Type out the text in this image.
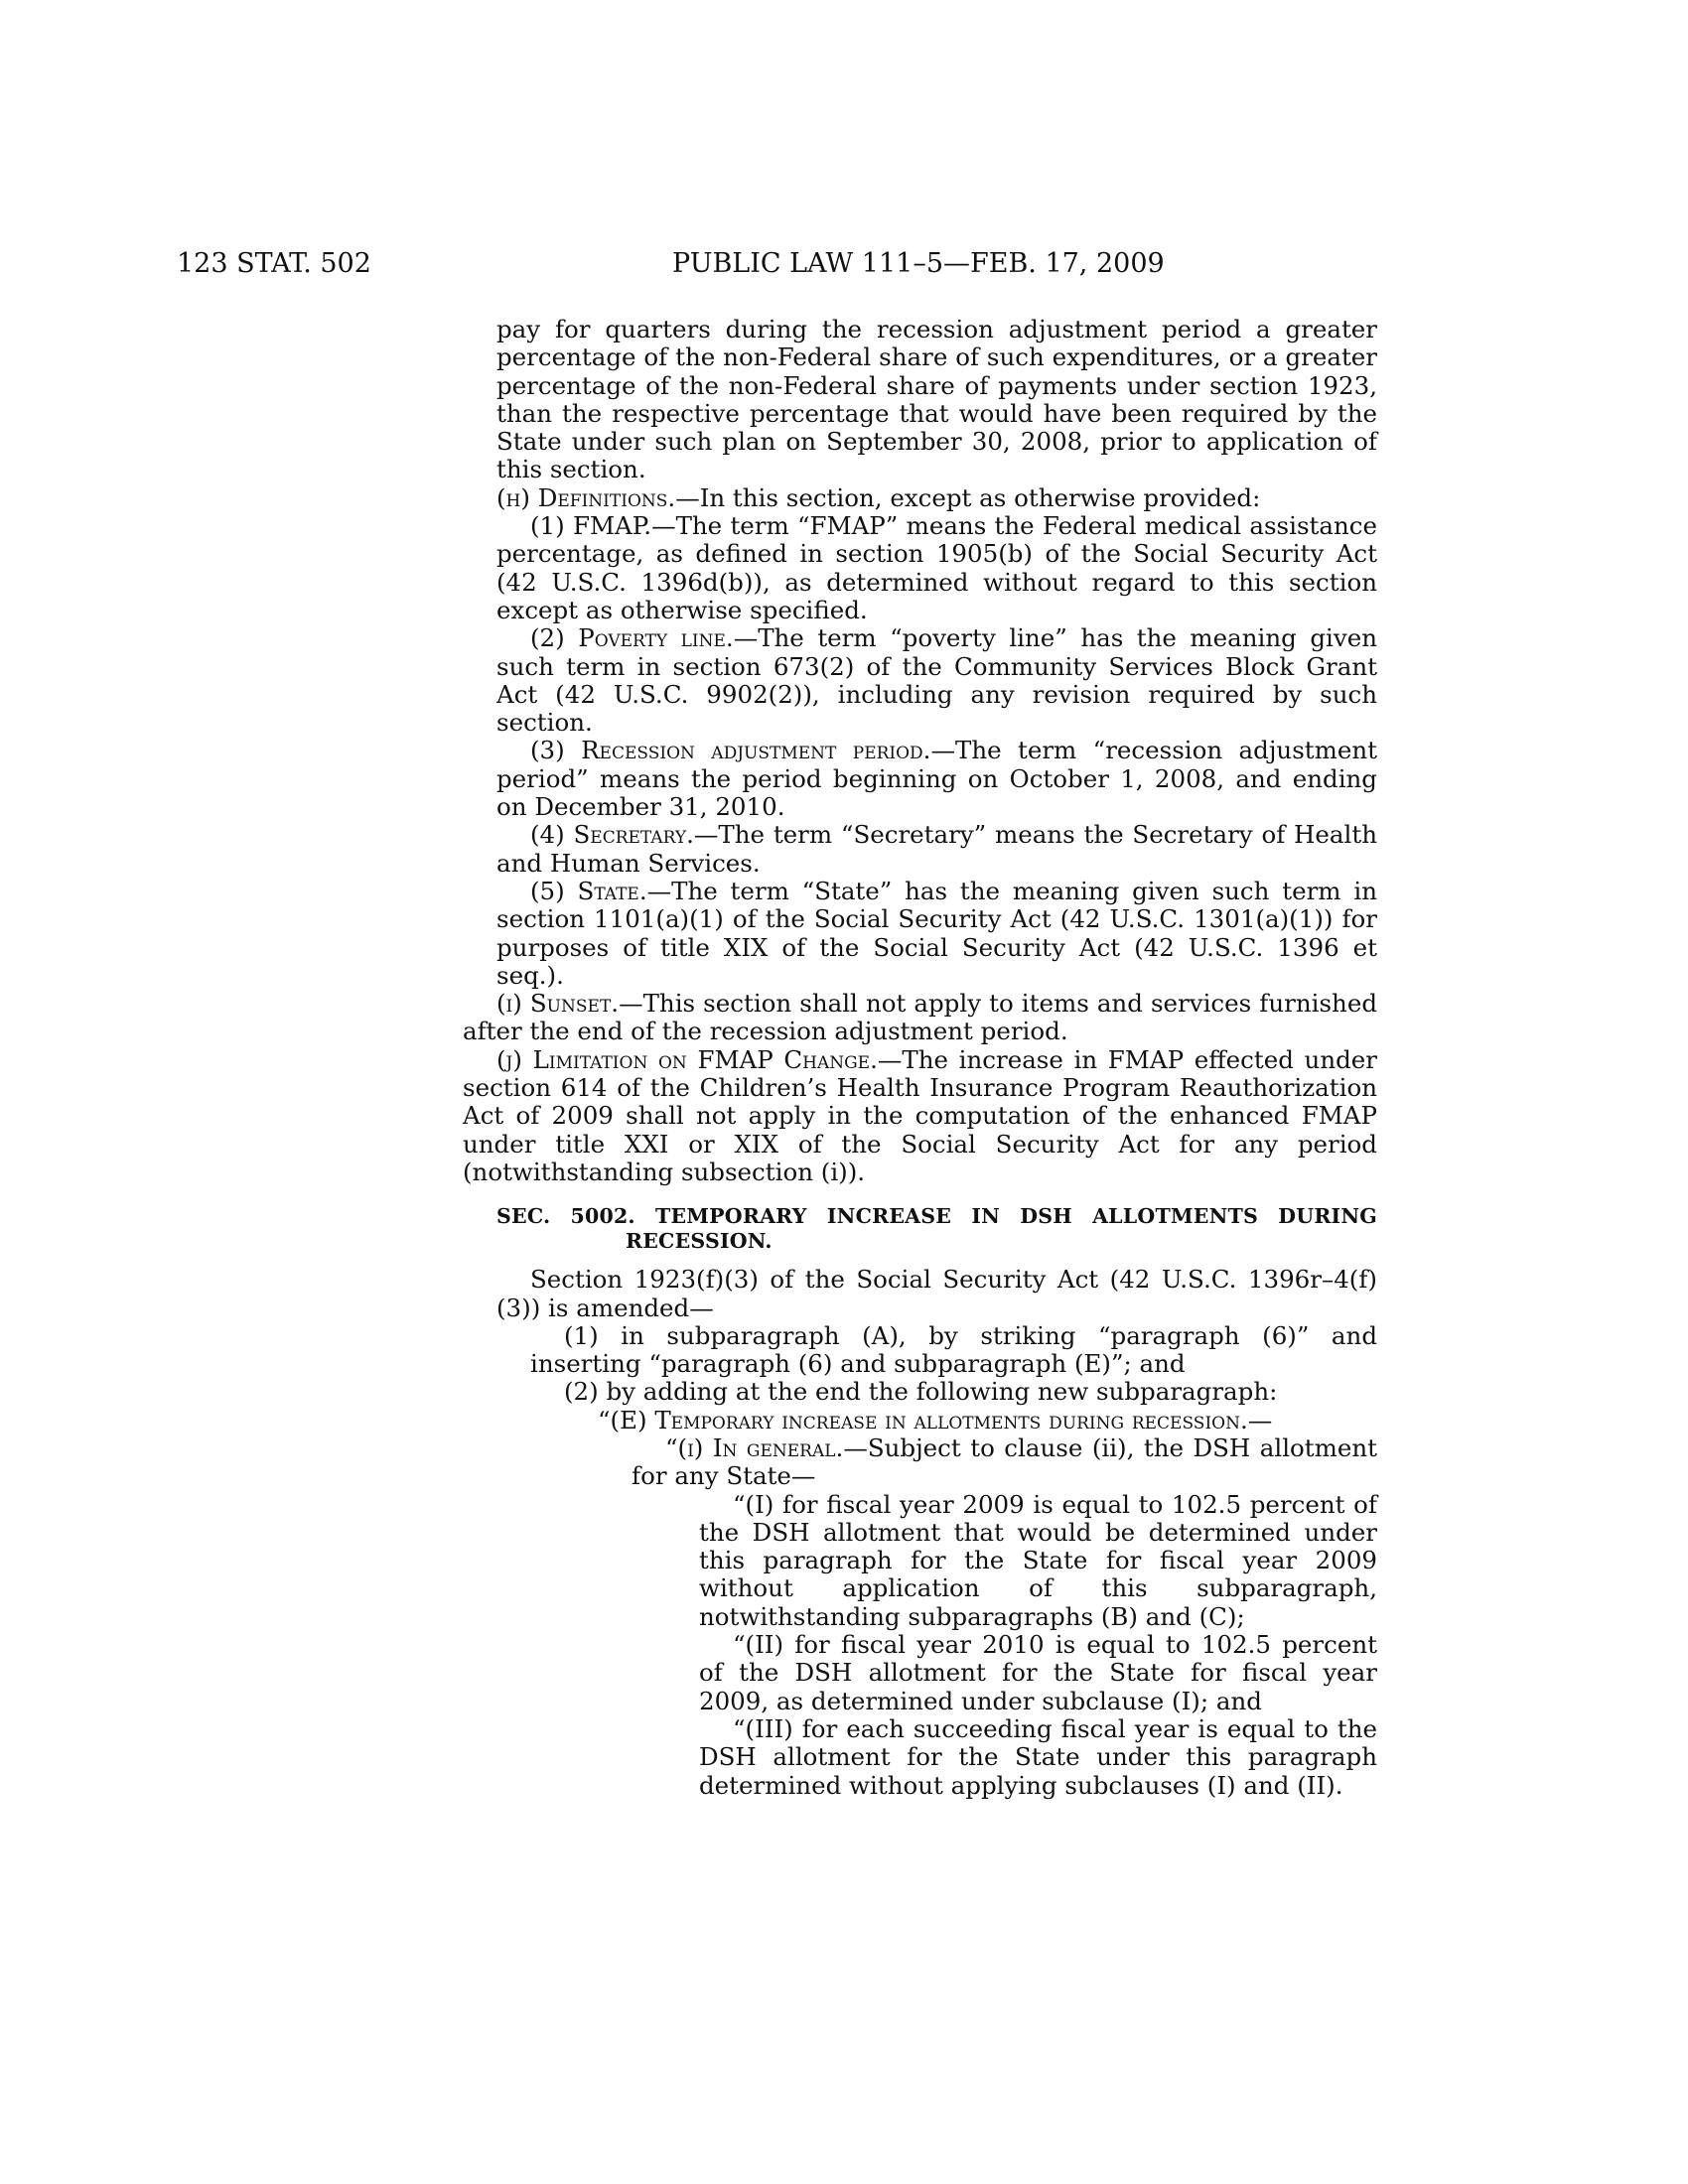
123 STAT. 502	PUBLIC LAW 111–5—FEB. 17, 2009

pay for quarters during the recession adjustment period a greater percentage of the non-Federal share of such expenditures, or a greater percentage of the non-Federal share of payments under section 1923, than the respective percentage that would have been required by the State under such plan on September 30, 2008, prior to application of this section.

(h) Definitions.—In this section, except as otherwise provided:

(1) FMAP.—The term “FMAP” means the Federal medical assistance percentage, as defined in section 1905(b) of the Social Security Act (42 U.S.C. 1396d(b)), as determined without regard to this section except as otherwise specified.

(2) Poverty line.—The term “poverty line” has the meaning given such term in section 673(2) of the Community Services Block Grant Act (42 U.S.C. 9902(2)), including any revision required by such section.

(3) Recession adjustment period.—The term “recession adjustment period” means the period beginning on October 1, 2008, and ending on December 31, 2010.

(4) Secretary.—The term “Secretary” means the Secretary of Health and Human Services.

(5) State.—The term “State” has the meaning given such term in section 1101(a)(1) of the Social Security Act (42 U.S.C. 1301(a)(1)) for purposes of title XIX of the Social Security Act (42 U.S.C. 1396 et seq.).

(i) Sunset.—This section shall not apply to items and services furnished after the end of the recession adjustment period.

(j) Limitation on FMAP Change.—The increase in FMAP effected under section 614 of the Children’s Health Insurance Program Reauthorization Act of 2009 shall not apply in the computation of the enhanced FMAP under title XXI or XIX of the Social Security Act for any period (notwithstanding subsection (i)).

SEC. 5002. TEMPORARY INCREASE IN DSH ALLOTMENTS DURING RECESSION.

Section 1923(f)(3) of the Social Security Act (42 U.S.C. 1396r–4(f)(3)) is amended—

(1) in subparagraph (A), by striking “paragraph (6)” and inserting “paragraph (6) and subparagraph (E)”; and

(2) by adding at the end the following new subparagraph:

“(E) Temporary increase in allotments during recession.—

“(i) In general.—Subject to clause (ii), the DSH allotment for any State—

“(I) for fiscal year 2009 is equal to 102.5 percent of the DSH allotment that would be determined under this paragraph for the State for fiscal year 2009 without application of this subparagraph, notwithstanding subparagraphs (B) and (C);

“(II) for fiscal year 2010 is equal to 102.5 percent of the DSH allotment for the State for fiscal year 2009, as determined under subclause (I); and

“(III) for each succeeding fiscal year is equal to the DSH allotment for the State under this paragraph determined without applying subclauses (I) and (II).
